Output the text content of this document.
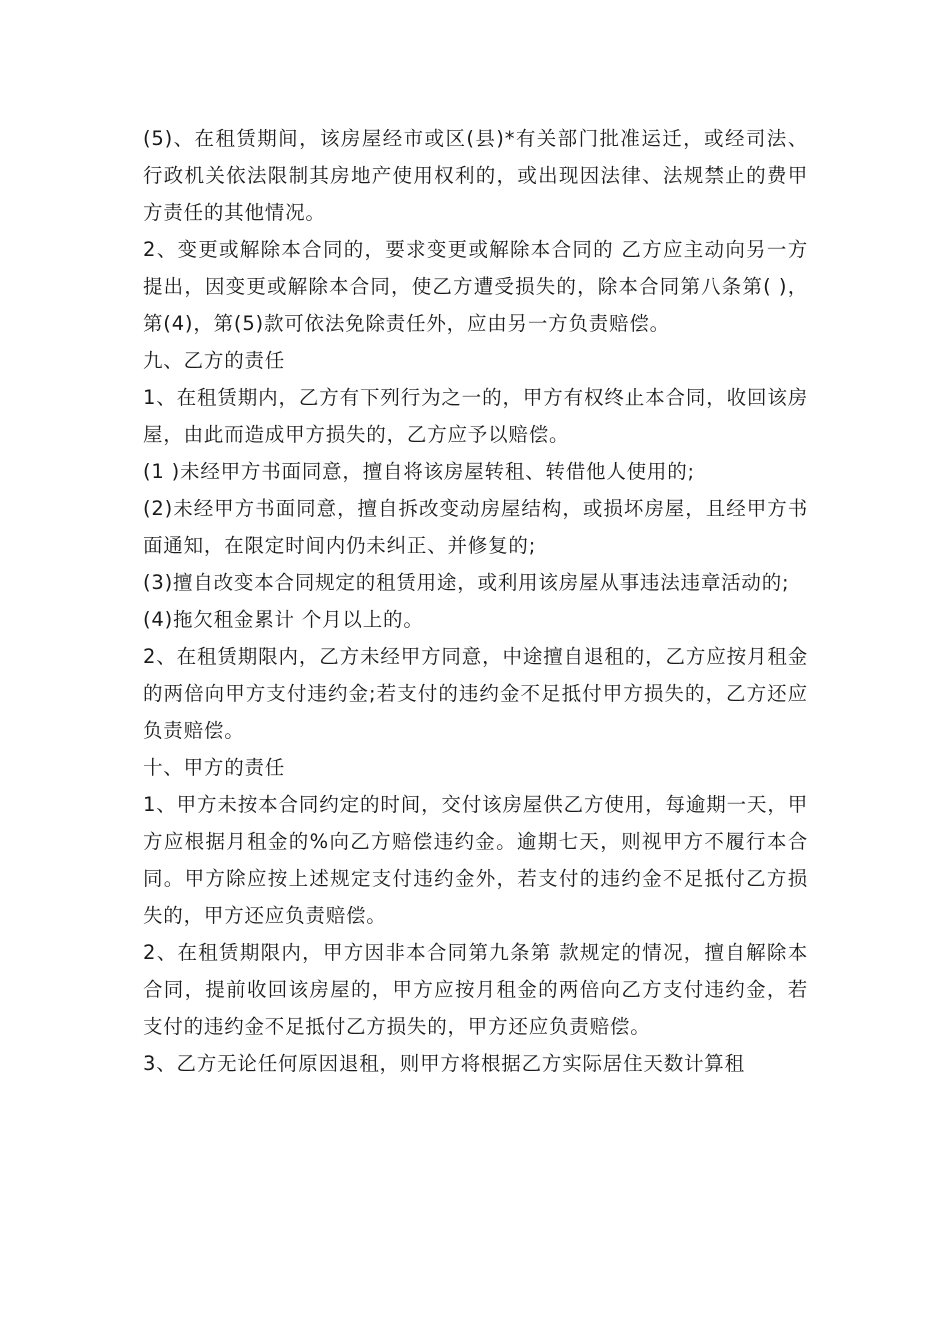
(5)、在租赁期间，该房屋经市或区(县)*有关部门批准运迁，或经司法、行政机关依法限制其房地产使用权利的，或出现因法律、法规禁止的费甲方责任的其他情况。

2、变更或解除本合同的，要求变更或解除本合同的 乙方应主动向另一方提出，因变更或解除本合同，使乙方遭受损失的，除本合同第八条第( )，第(4)，第(5)款可依法免除责任外，应由另一方负责赔偿。

九、乙方的责任

1、在租赁期内，乙方有下列行为之一的，甲方有权终止本合同，收回该房屋，由此而造成甲方损失的，乙方应予以赔偿。

(1 )未经甲方书面同意，擅自将该房屋转租、转借他人使用的;

(2)未经甲方书面同意，擅自拆改变动房屋结构，或损坏房屋，且经甲方书面通知，在限定时间内仍未纠正、并修复的;

(3)擅自改变本合同规定的租赁用途，或利用该房屋从事违法违章活动的;

(4)拖欠租金累计 个月以上的。

2、在租赁期限内，乙方未经甲方同意，中途擅自退租的，乙方应按月租金的两倍向甲方支付违约金;若支付的违约金不足抵付甲方损失的，乙方还应负责赔偿。

十、甲方的责任

1、甲方未按本合同约定的时间，交付该房屋供乙方使用，每逾期一天，甲方应根据月租金的%向乙方赔偿违约金。逾期七天，则视甲方不履行本合同。甲方除应按上述规定支付违约金外，若支付的违约金不足抵付乙方损失的，甲方还应负责赔偿。

2、在租赁期限内，甲方因非本合同第九条第 款规定的情况，擅自解除本合同，提前收回该房屋的，甲方应按月租金的两倍向乙方支付违约金，若支付的违约金不足抵付乙方损失的，甲方还应负责赔偿。

3、乙方无论任何原因退租，则甲方将根据乙方实际居住天数计算租
